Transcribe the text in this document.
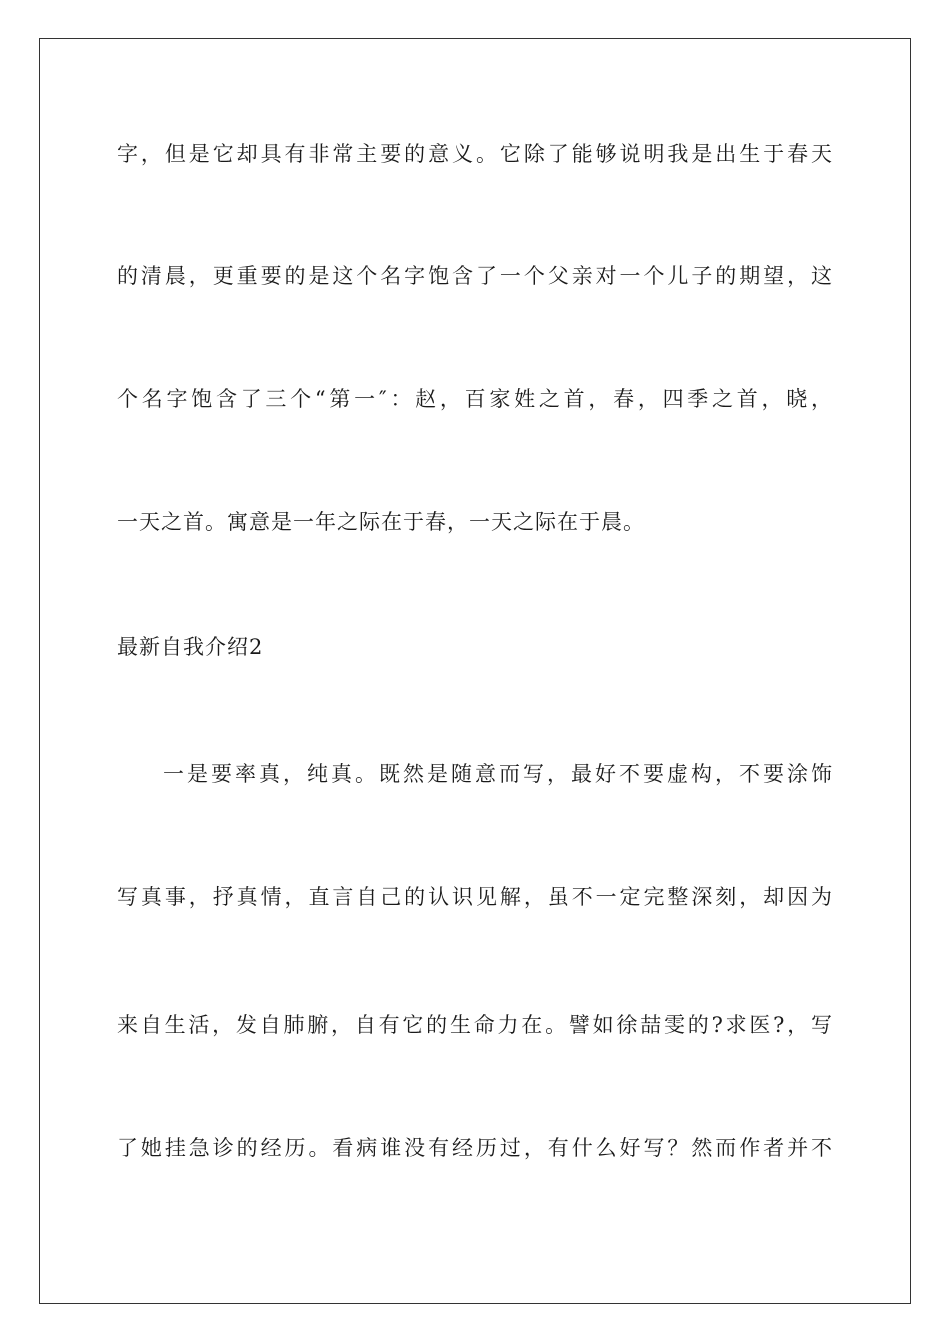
字，但是它却具有非常主要的意义。它除了能够说明我是出生于春天
的清晨，更重要的是这个名字饱含了一个父亲对一个儿子的期望，这
个名字饱含了三个“第一″：赵，百家姓之首，春，四季之首，晓，
一天之首。寓意是一年之际在于春，一天之际在于晨。
最新自我介绍2
一是要率真，纯真。既然是随意而写，最好不要虚构，不要涂饰
写真事，抒真情，直言自己的认识见解，虽不一定完整深刻，却因为
来自生活，发自肺腑，自有它的生命力在。譬如徐喆雯的?求医?，写
了她挂急诊的经历。看病谁没有经历过，有什么好写？然而作者并不
